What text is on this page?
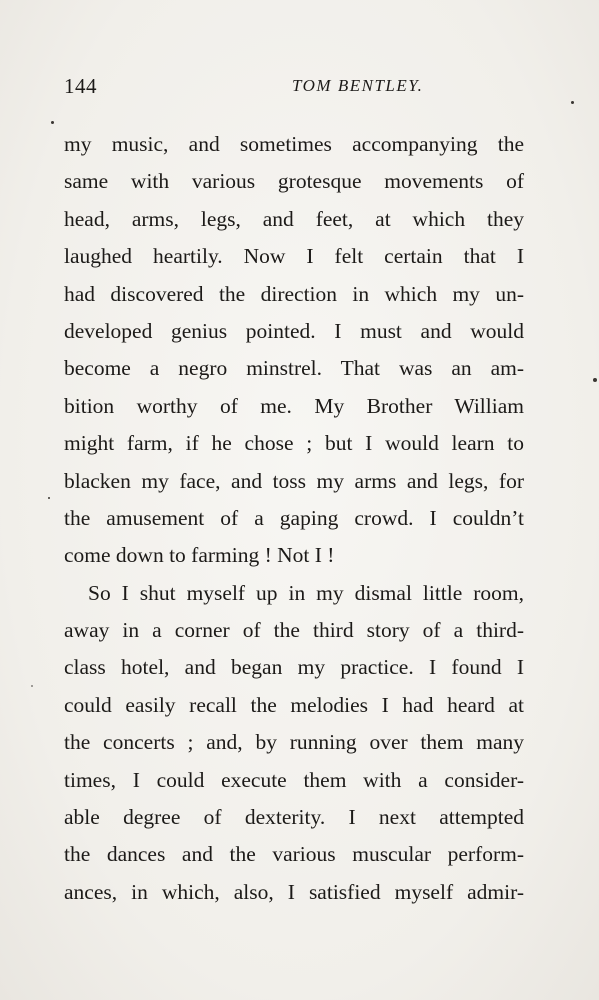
144	TOM BENTLEY.
my music, and sometimes accompanying the
same with various grotesque movements of
head, arms, legs, and feet, at which they
laughed heartily. Now I felt certain that I
had discovered the direction in which my un-
developed genius pointed. I must and would
become a negro minstrel. That was an am-
bition worthy of me. My Brother William
might farm, if he chose ; but I would learn to
blacken my face, and toss my arms and legs, for
the amusement of a gaping crowd. I couldn’t
come down to farming ! Not I !
So I shut myself up in my dismal little room,
away in a corner of the third story of a third-
class hotel, and began my practice. I found I
could easily recall the melodies I had heard at
the concerts ; and, by running over them many
times, I could execute them with a consider-
able degree of dexterity. I next attempted
the dances and the various muscular perform-
ances, in which, also, I satisfied myself admir-
